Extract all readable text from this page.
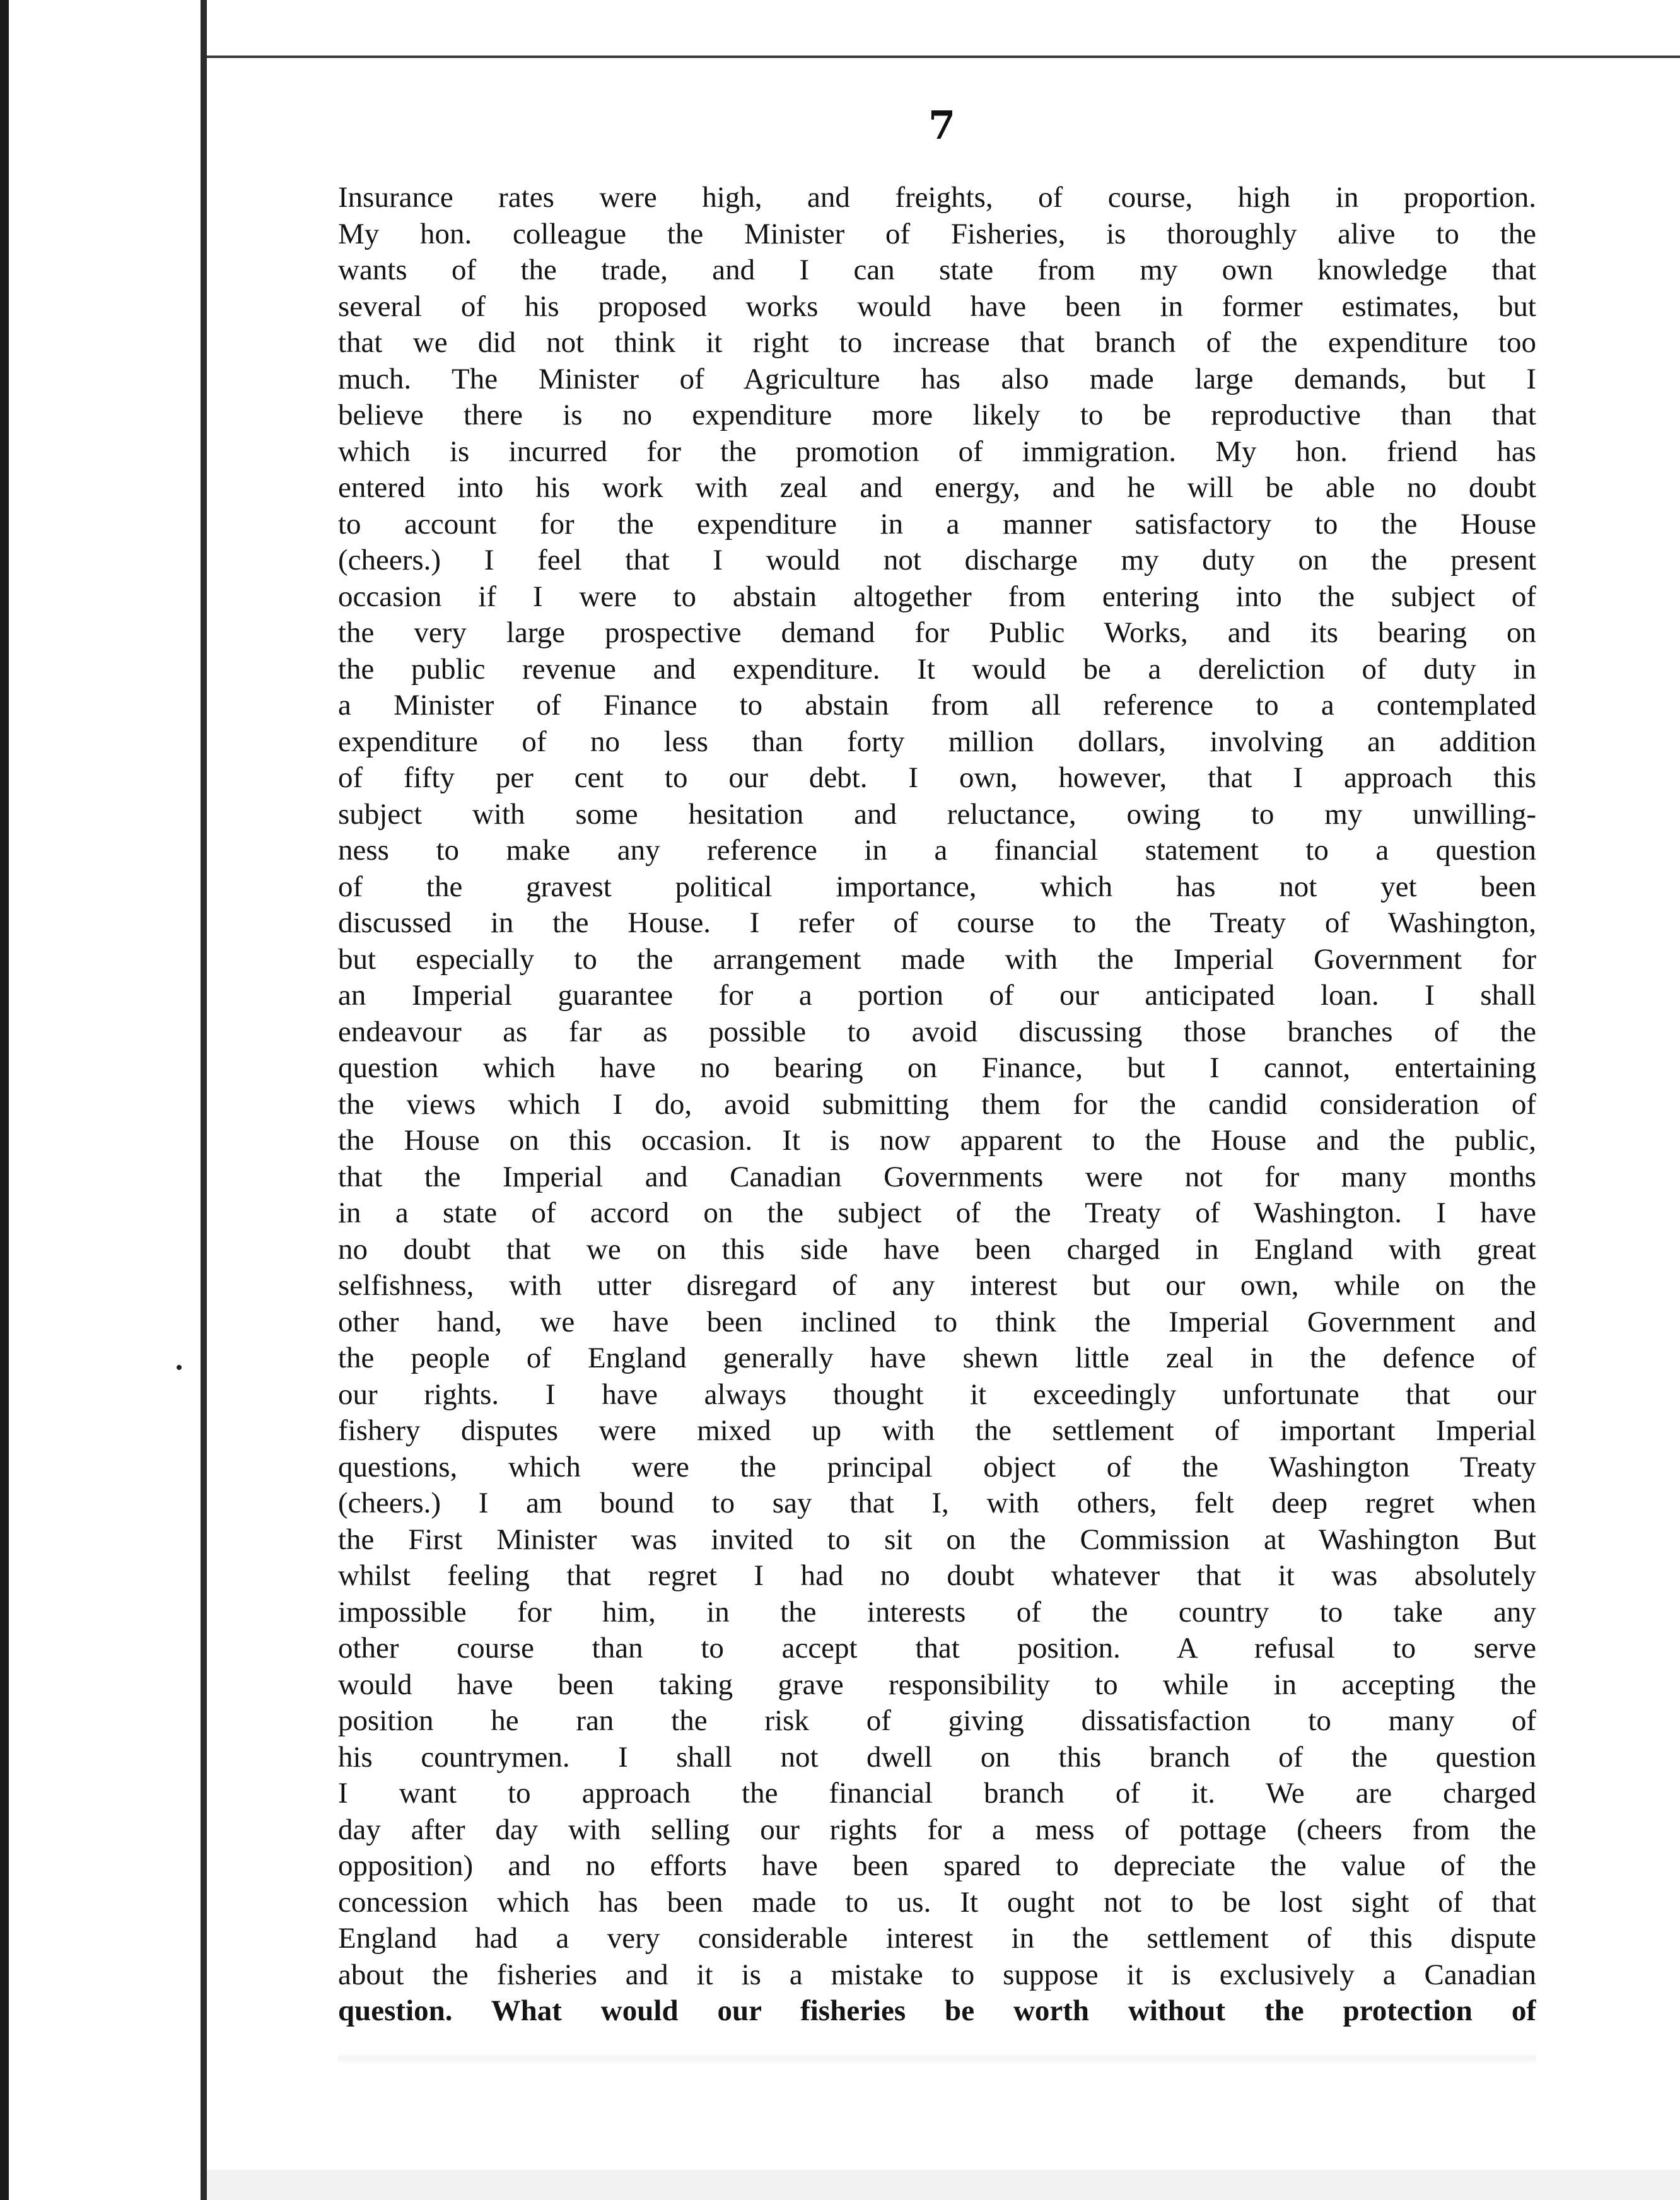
7
Insurance rates were high, and freights, of course, high in proportion.
My hon. colleague the Minister of Fisheries, is thoroughly alive to the
wants of the trade, and I can state from my own knowledge that
several of his proposed works would have been in former estimates, but
that we did not think it right to increase that branch of the expenditure too
much. The Minister of Agriculture has also made large demands, but I
believe there is no expenditure more likely to be reproductive than that
which is incurred for the promotion of immigration. My hon. friend has
entered into his work with zeal and energy, and he will be able no doubt
to account for the expenditure in a manner satisfactory to the House
(cheers.) I feel that I would not discharge my duty on the present
occasion if I were to abstain altogether from entering into the subject of
the very large prospective demand for Public Works, and its bearing on
the public revenue and expenditure. It would be a dereliction of duty in
a Minister of Finance to abstain from all reference to a contemplated
expenditure of no less than forty million dollars, involving an addition
of fifty per cent to our debt. I own, however, that I approach this
subject with some hesitation and reluctance, owing to my unwilling-
ness to make any reference in a financial statement to a question
of the gravest political importance, which has not yet been
discussed in the House. I refer of course to the Treaty of Washington,
but especially to the arrangement made with the Imperial Government for
an Imperial guarantee for a portion of our anticipated loan. I shall
endeavour as far as possible to avoid discussing those branches of the
question which have no bearing on Finance, but I cannot, entertaining
the views which I do, avoid submitting them for the candid consideration of
the House on this occasion. It is now apparent to the House and the public,
that the Imperial and Canadian Governments were not for many months
in a state of accord on the subject of the Treaty of Washington. I have
no doubt that we on this side have been charged in England with great
selfishness, with utter disregard of any interest but our own, while on the
other hand, we have been inclined to think the Imperial Government and
the people of England generally have shewn little zeal in the defence of
our rights. I have always thought it exceedingly unfortunate that our
fishery disputes were mixed up with the settlement of important Imperial
questions, which were the principal object of the Washington Treaty
(cheers.) I am bound to say that I, with others, felt deep regret when
the First Minister was invited to sit on the Commission at Washington But
whilst feeling that regret I had no doubt whatever that it was absolutely
impossible for him, in the interests of the country to take any
other course than to accept that position. A refusal to serve
would have been taking grave responsibility to while in accepting the
position he ran the risk of giving dissatisfaction to many of
his countrymen. I shall not dwell on this branch of the question
I want to approach the financial branch of it. We are charged
day after day with selling our rights for a mess of pottage (cheers from the
opposition) and no efforts have been spared to depreciate the value of the
concession which has been made to us. It ought not to be lost sight of that
England had a very considerable interest in the settlement of this dispute
about the fisheries and it is a mistake to suppose it is exclusively a Canadian
question. What would our fisheries be worth without the protection of
